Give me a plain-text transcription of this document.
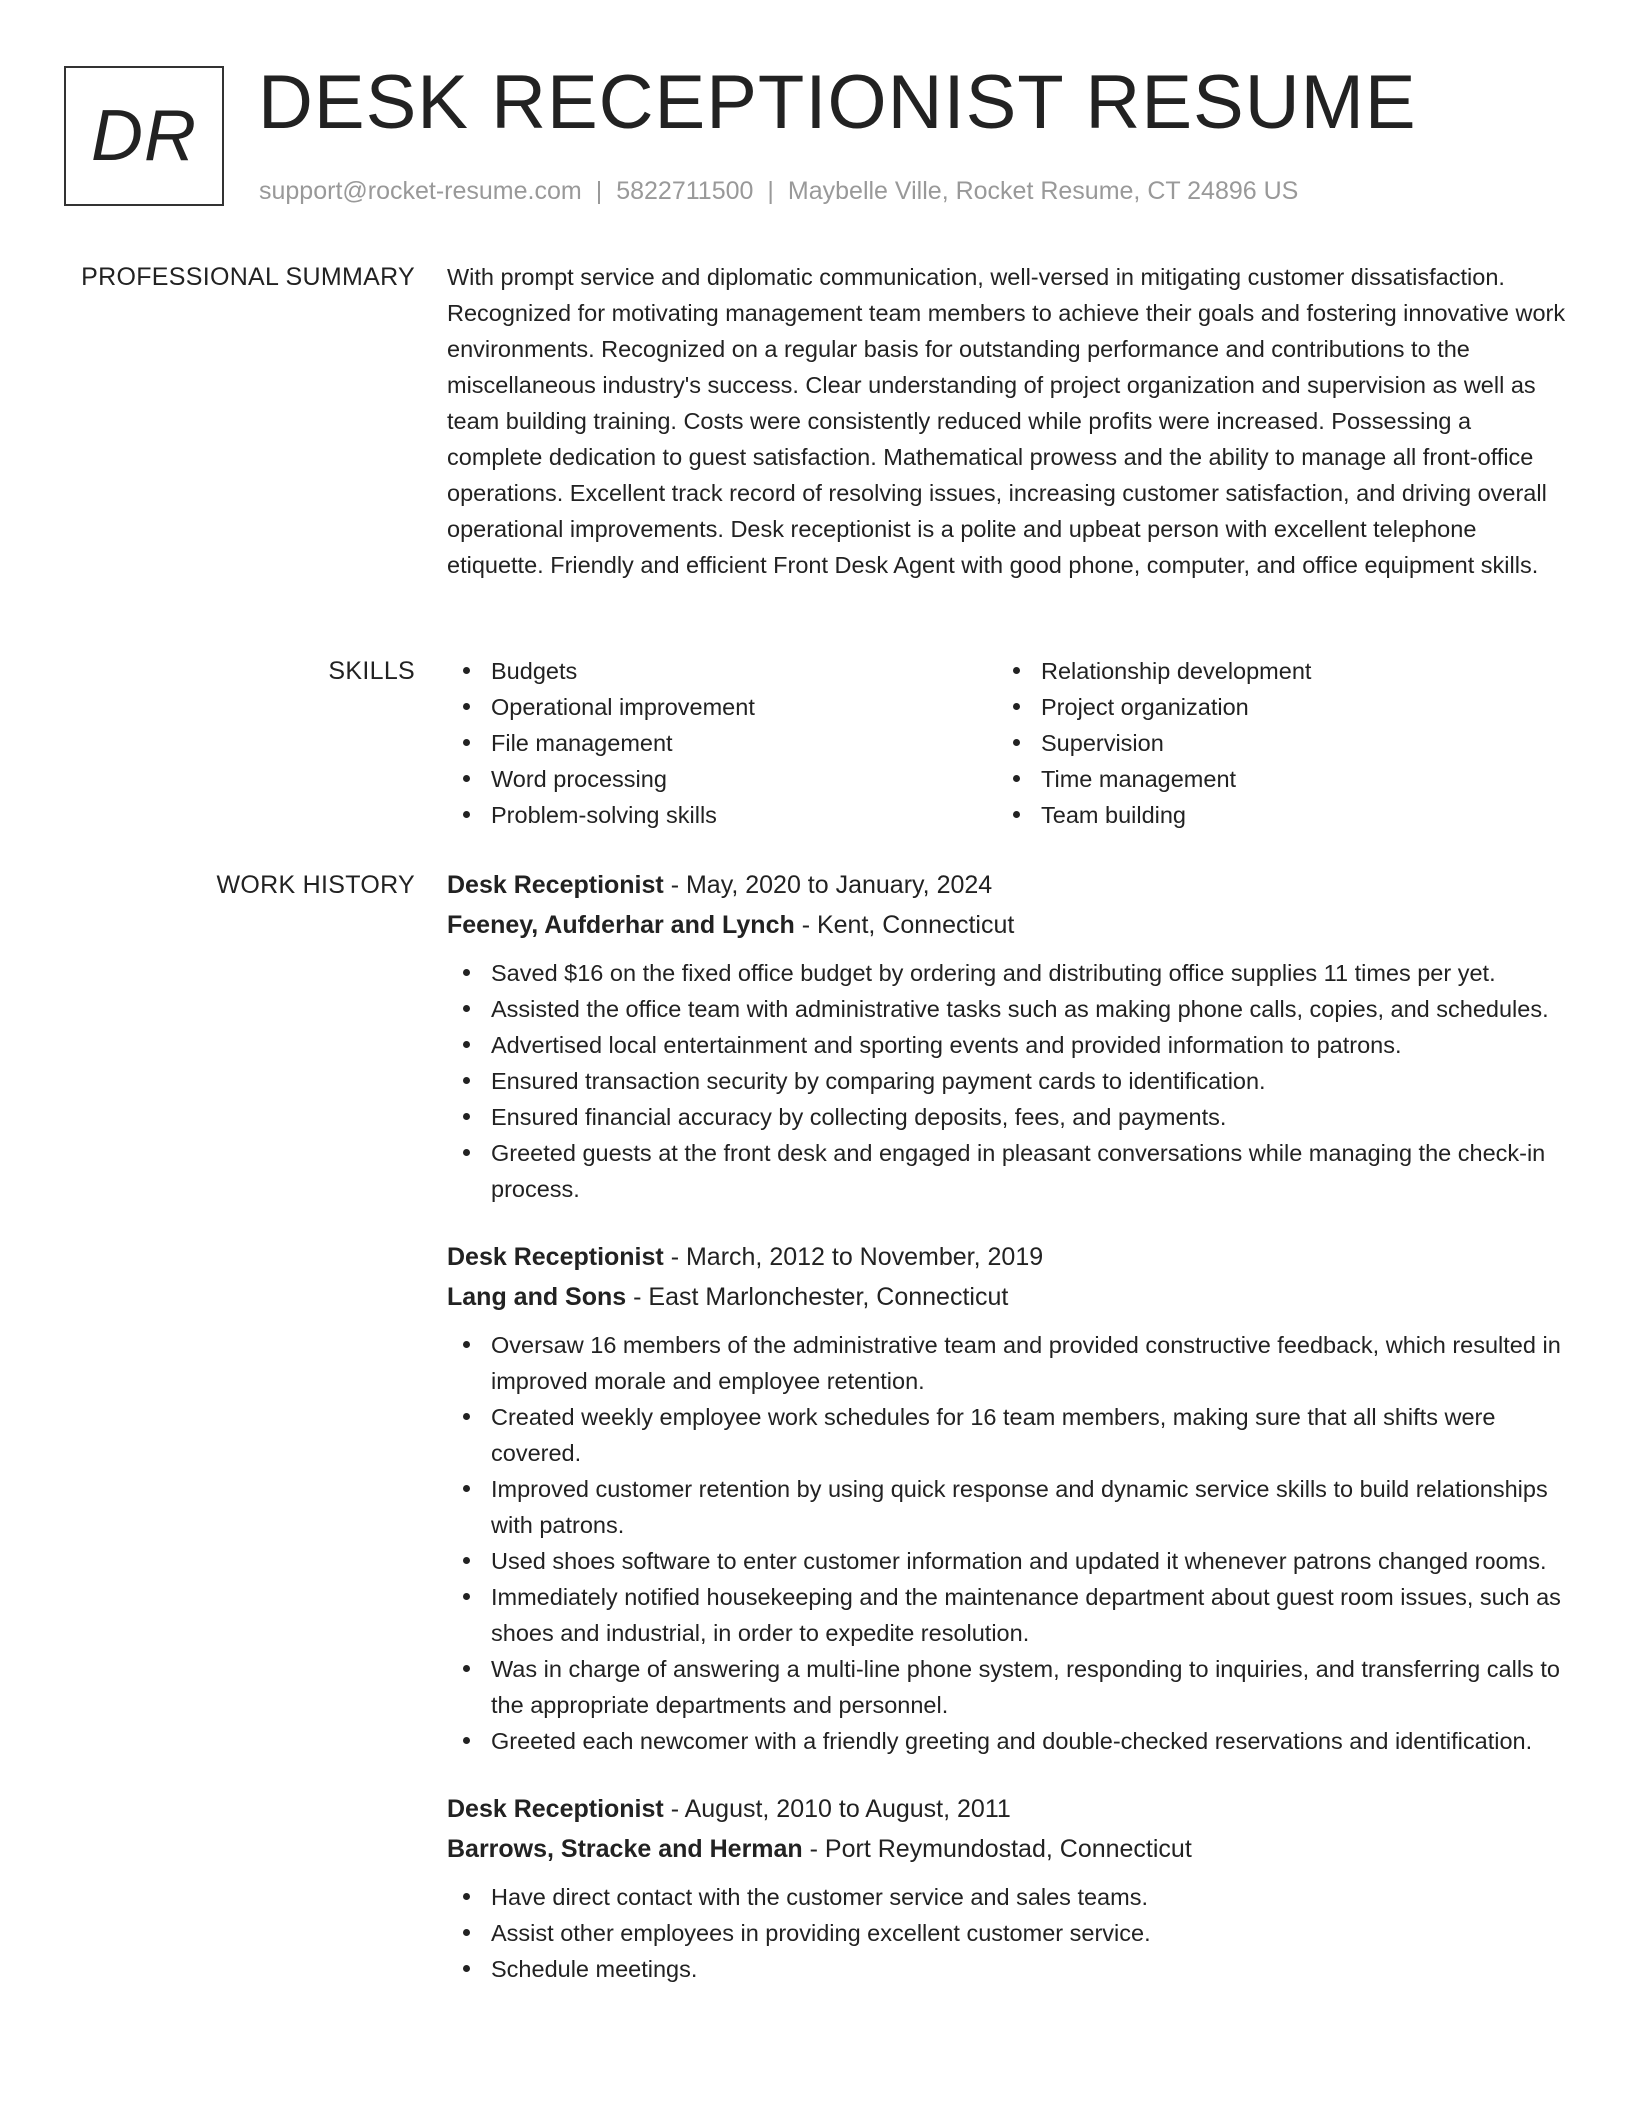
DR DESK RECEPTIONIST RESUME
support@rocket-resume.com | 5822711500 | Maybelle Ville, Rocket Resume, CT 24896 US
PROFESSIONAL SUMMARY With prompt service and diplomatic communication, well-versed in mitigating customer dissatisfaction. Recognized for motivating management team members to achieve their goals and fostering innovative work environments. Recognized on a regular basis for outstanding performance and contributions to the miscellaneous industry's success. Clear understanding of project organization and supervision as well as team building training. Costs were consistently reduced while profits were increased. Possessing a complete dedication to guest satisfaction. Mathematical prowess and the ability to manage all front-office operations. Excellent track record of resolving issues, increasing customer satisfaction, and driving overall operational improvements. Desk receptionist is a polite and upbeat person with excellent telephone etiquette. Friendly and efficient Front Desk Agent with good phone, computer, and office equipment skills.

SKILLS	Budgets
Operational improvement
File management
Word processing
Problem-solving skills
Relationship development
Project organization
Supervision
Time management
Team building
WORK HISTORY Desk Receptionist - May, 2020 to January, 2024
Feeney, Aufderhar and Lynch - Kent, Connecticut
Saved $16 on the fixed office budget by ordering and distributing office supplies 11 times per yet.
Assisted the office team with administrative tasks such as making phone calls, copies, and schedules.
Advertised local entertainment and sporting events and provided information to patrons.
Ensured transaction security by comparing payment cards to identification.
Ensured financial accuracy by collecting deposits, fees, and payments.
Greeted guests at the front desk and engaged in pleasant conversations while managing the check-in process.
Desk Receptionist - March, 2012 to November, 2019
Lang and Sons - East Marlonchester, Connecticut
Oversaw 16 members of the administrative team and provided constructive feedback, which resulted in improved morale and employee retention.
Created weekly employee work schedules for 16 team members, making sure that all shifts were covered.
Improved customer retention by using quick response and dynamic service skills to build relationships with patrons.
Used shoes software to enter customer information and updated it whenever patrons changed rooms.
Immediately notified housekeeping and the maintenance department about guest room issues, such as shoes and industrial, in order to expedite resolution.
Was in charge of answering a multi-line phone system, responding to inquiries, and transferring calls to the appropriate departments and personnel.
Greeted each newcomer with a friendly greeting and double-checked reservations and identification.
Desk Receptionist - August, 2010 to August, 2011
Barrows, Stracke and Herman - Port Reymundostad, Connecticut
Have direct contact with the customer service and sales teams.
Assist other employees in providing excellent customer service.
Schedule meetings.
